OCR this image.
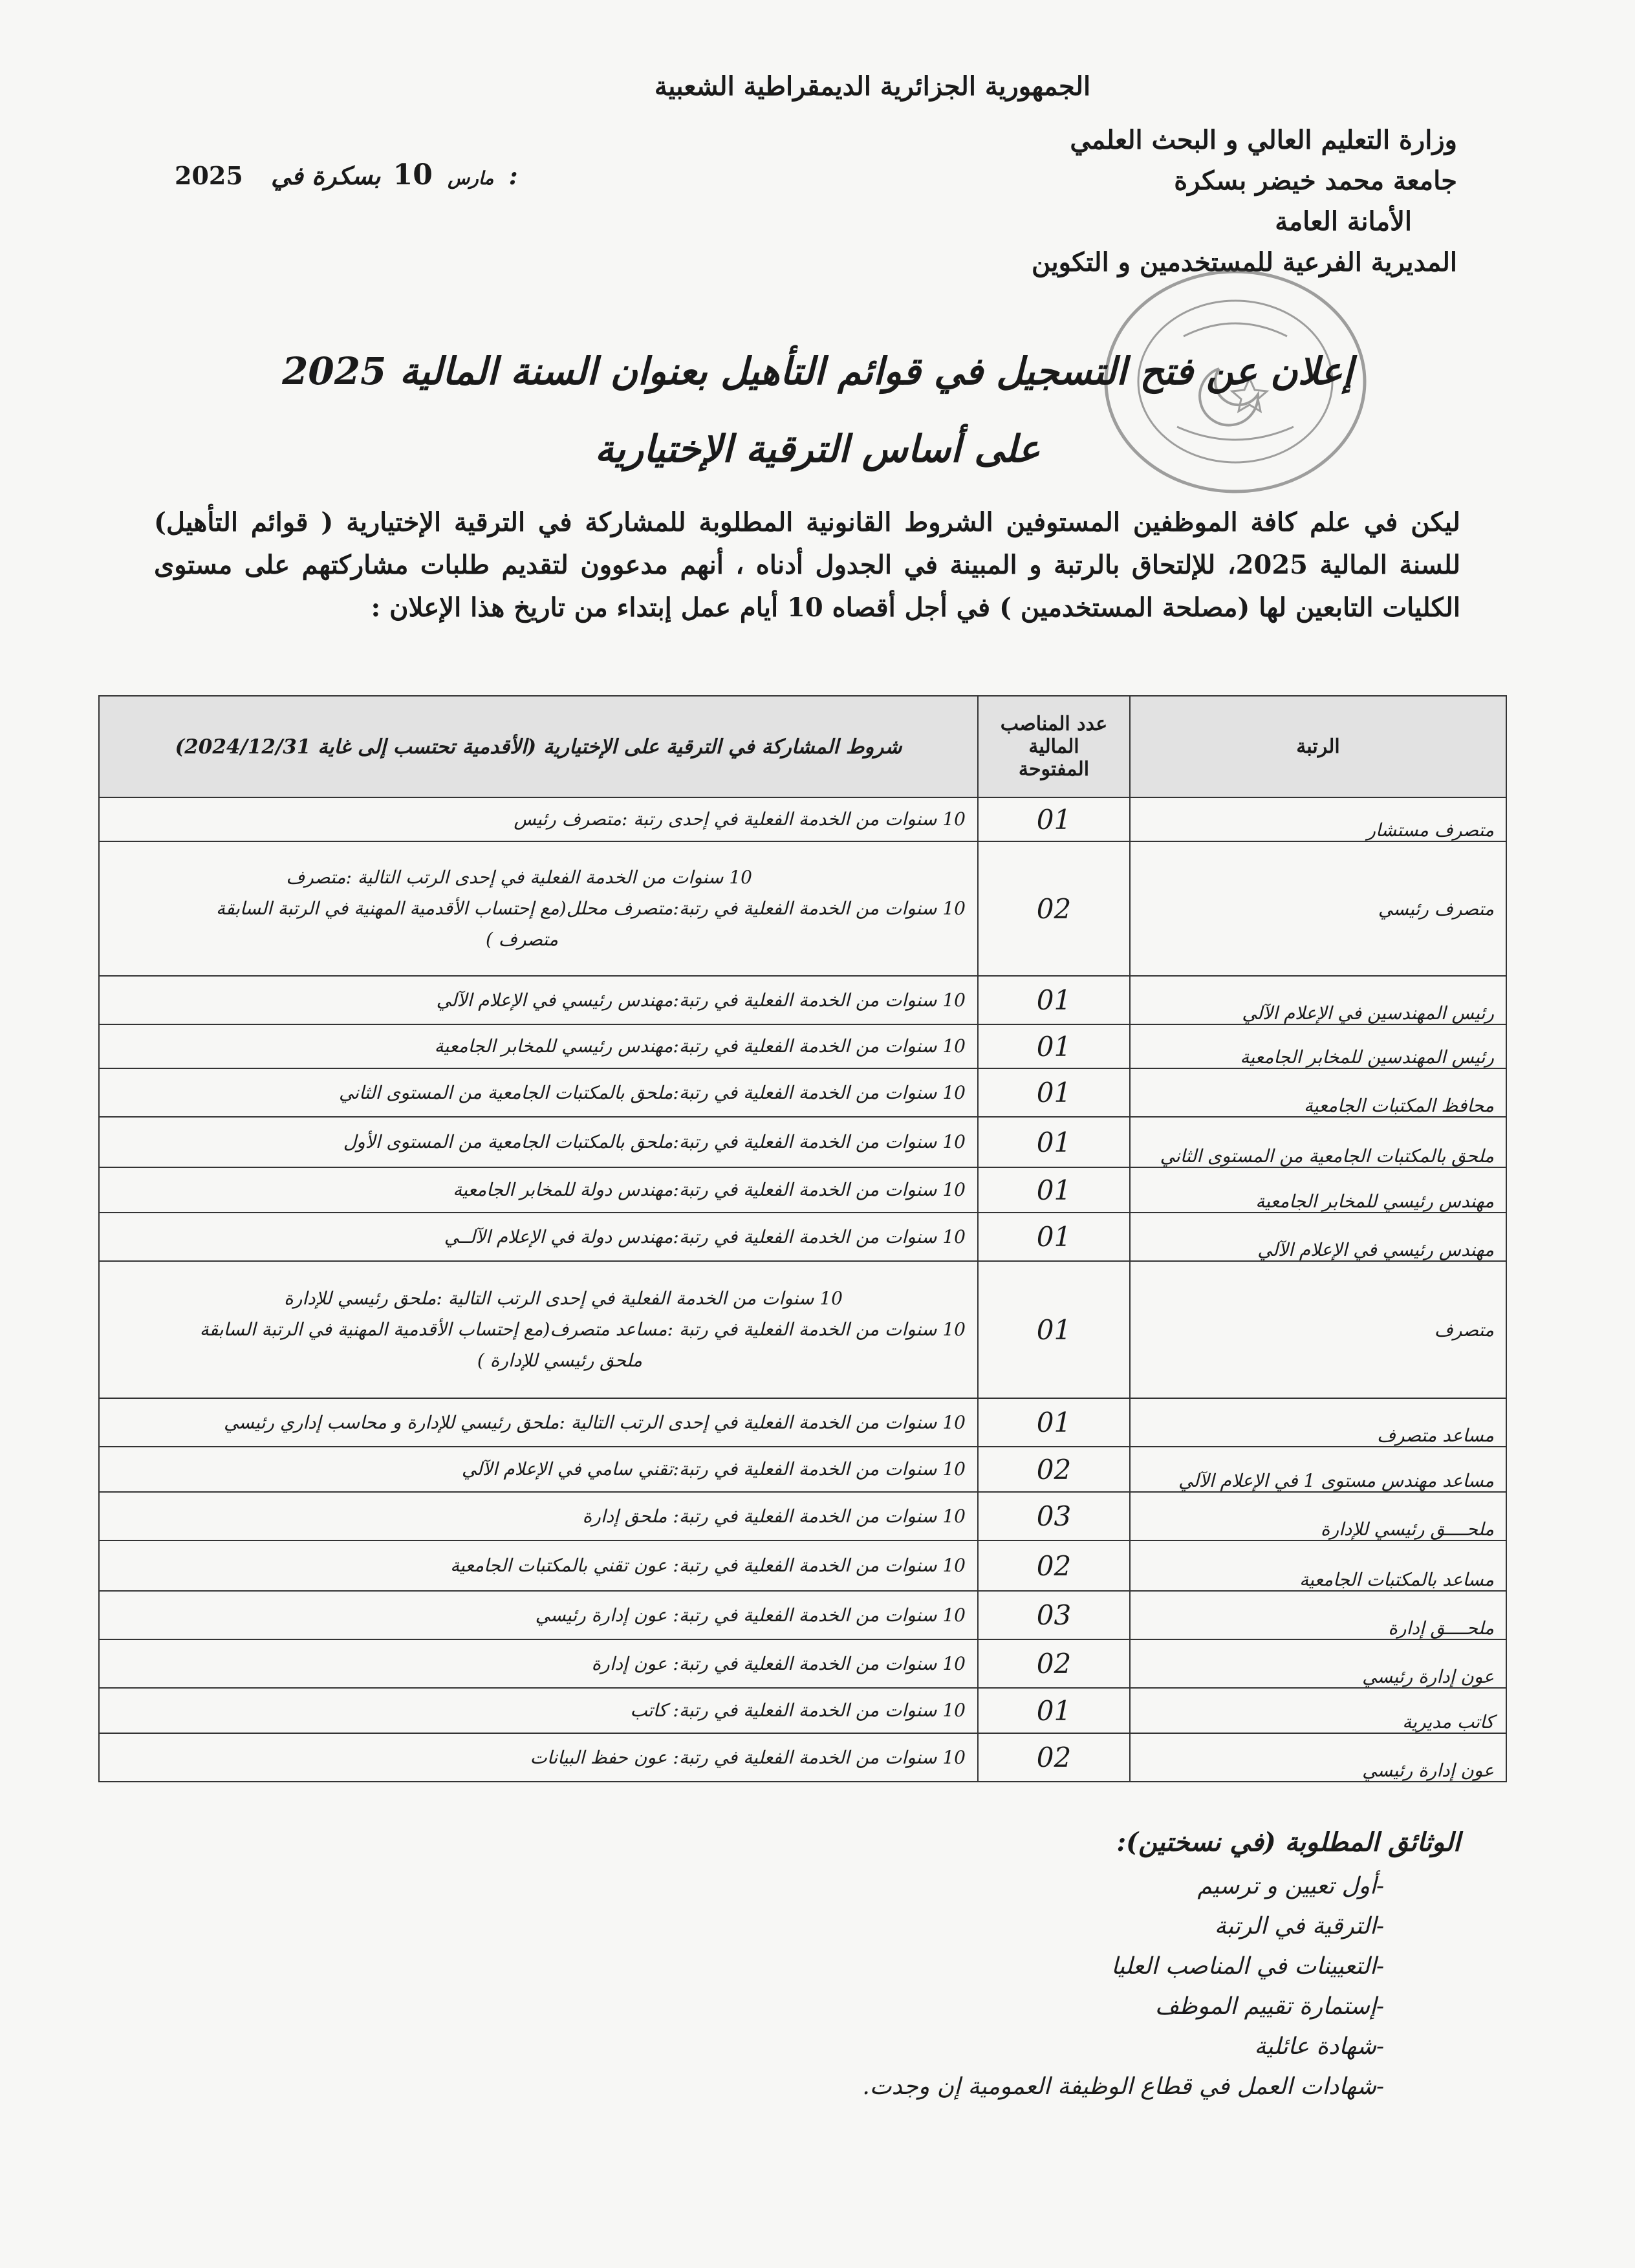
الجمهورية الجزائرية الديمقراطية الشعبية
وزارة التعليم العالي و البحث العلمي
جامعة محمد خيضر بسكرة
الأمانة العامة
المديرية الفرعية للمستخدمين و التكوين
2025	مارس 10 بسكرة في :
إعلان عن فتح التسجيل في قوائم التأهيل بعنوان السنة المالية 2025
على أساس الترقية الإختيارية
ليكن في علم كافة الموظفين المستوفين الشروط القانونية المطلوبة للمشاركة في الترقية الإختيارية ( قوائم التأهيل) للسنة المالية 2025، للإلتحاق بالرتبة و المبينة في الجدول أدناه ، أنهم مدعوون لتقديم طلبات مشاركتهم على مستوى الكليات التابعين لها (مصلحة المستخدمين ) في أجل أقصاه 10 أيام عمل إبتداء من تاريخ هذا الإعلان :
الرتبة	عدد المناصب المالية المفتوحة	شروط المشاركة في الترقية على الإختيارية (الأقدمية تحتسب إلى غاية 2024/12/31)
متصرف مستشار	01	10 سنوات من الخدمة الفعلية في إحدى رتبة :متصرف رئيس

متصرف رئيسي	02	10 سنوات من الخدمة الفعلية في إحدى الرتب التالية :متصرف
10 سنوات من الخدمة الفعلية في رتبة:متصرف محلل(مع إحتساب الأقدمية المهنية في الرتبة السابقة
متصرف )

رئيس المهندسين في الإعلام الآلي	01	10 سنوات من الخدمة الفعلية في رتبة:مهندس رئيسي في الإعلام الآلي

رئيس المهندسين للمخابر الجامعية	01	10 سنوات من الخدمة الفعلية في رتبة:مهندس رئيسي للمخابر الجامعية

محافظ المكتبات الجامعية	01	10 سنوات من الخدمة الفعلية في رتبة:ملحق بالمكتبات الجامعية من المستوى الثاني

ملحق بالمكتبات الجامعية من المستوى الثاني	01	10 سنوات من الخدمة الفعلية في رتبة:ملحق بالمكتبات الجامعية من المستوى الأول

مهندس رئيسي للمخابر الجامعية	01	10 سنوات من الخدمة الفعلية في رتبة:مهندس دولة للمخابر الجامعية

مهندس رئيسي في الإعلام الآلي	01	10 سنوات من الخدمة الفعلية في رتبة:مهندس دولة في الإعلام الآلــي

متصرف	01	10 سنوات من الخدمة الفعلية في إحدى الرتب التالية :ملحق رئيسي للإدارة
10 سنوات من الخدمة الفعلية في رتبة :مساعد متصرف(مع إحتساب الأقدمية المهنية في الرتبة السابقة
ملحق رئيسي للإدارة )

مساعد متصرف	01	10 سنوات من الخدمة الفعلية في إحدى الرتب التالية :ملحق رئيسي للإدارة و محاسب إداري رئيسي

مساعد مهندس مستوى 1 في الإعلام الآلي	02	10 سنوات من الخدمة الفعلية في رتبة:تقني سامي في الإعلام الآلي

ملحــــق رئيسي للإدارة	03	10 سنوات من الخدمة الفعلية في رتبة: ملحق إدارة

مساعد بالمكتبات الجامعية	02	10 سنوات من الخدمة الفعلية في رتبة: عون تقني بالمكتبات الجامعية

ملحــــق إدارة	03	10 سنوات من الخدمة الفعلية في رتبة: عون إدارة رئيسي

عون إدارة رئيسي	02	10 سنوات من الخدمة الفعلية في رتبة: عون إدارة

كاتب مديرية	01	10 سنوات من الخدمة الفعلية في رتبة: كاتب

عون إدارة رئيسي	02	10 سنوات من الخدمة الفعلية في رتبة: عون حفظ البيانات
الوثائق المطلوبة (في نسختين):
- أول تعيين و ترسيم
- الترقية في الرتبة
- التعيينات في المناصب العليا
- إستمارة تقييم الموظف
- شهادة عائلية
- شهادات العمل في قطاع الوظيفة العمومية إن وجدت.
